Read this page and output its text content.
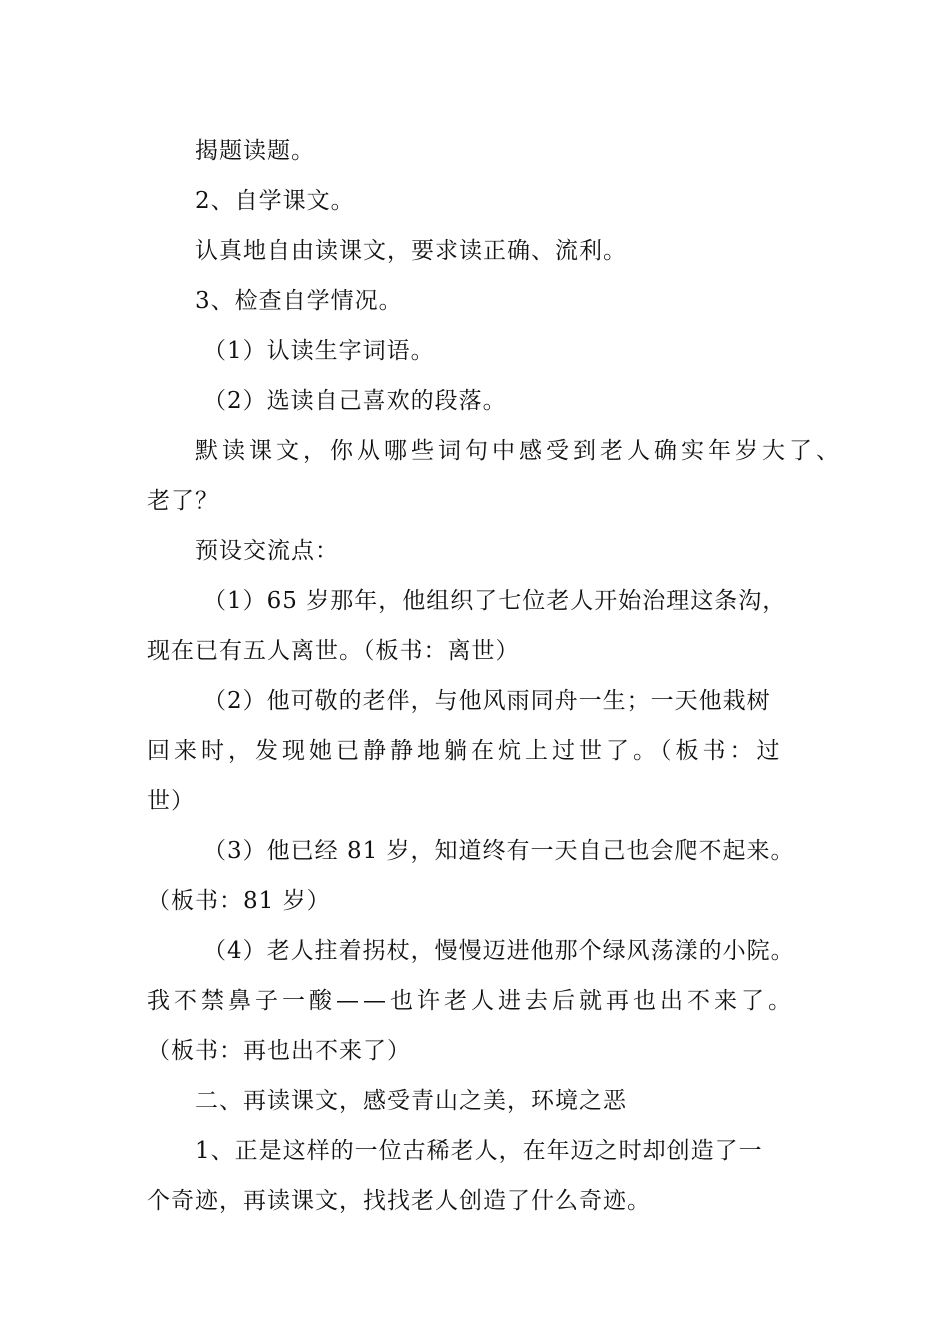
揭题读题。
2、自学课文。
认真地自由读课文，要求读正确、流利。
3、检查自学情况。
（1）认读生字词语。
（2）选读自己喜欢的段落。
默读课文，你从哪些词句中感受到老人确实年岁大了、
老了？
预设交流点：
（1）65 岁那年，他组织了七位老人开始治理这条沟，
现在已有五人离世。（板书：离世）
（2）他可敬的老伴，与他风雨同舟一生；一天他栽树
回来时，发现她已静静地躺在炕上过世了。（板书：过
世）
（3）他已经 81 岁，知道终有一天自己也会爬不起来。
（板书：81 岁）
（4）老人拄着拐杖，慢慢迈进他那个绿风荡漾的小院。
我不禁鼻子一酸——也许老人进去后就再也出不来了。
（板书：再也出不来了）
二、再读课文，感受青山之美，环境之恶
1、正是这样的一位古稀老人，在年迈之时却创造了一
个奇迹，再读课文，找找老人创造了什么奇迹。
